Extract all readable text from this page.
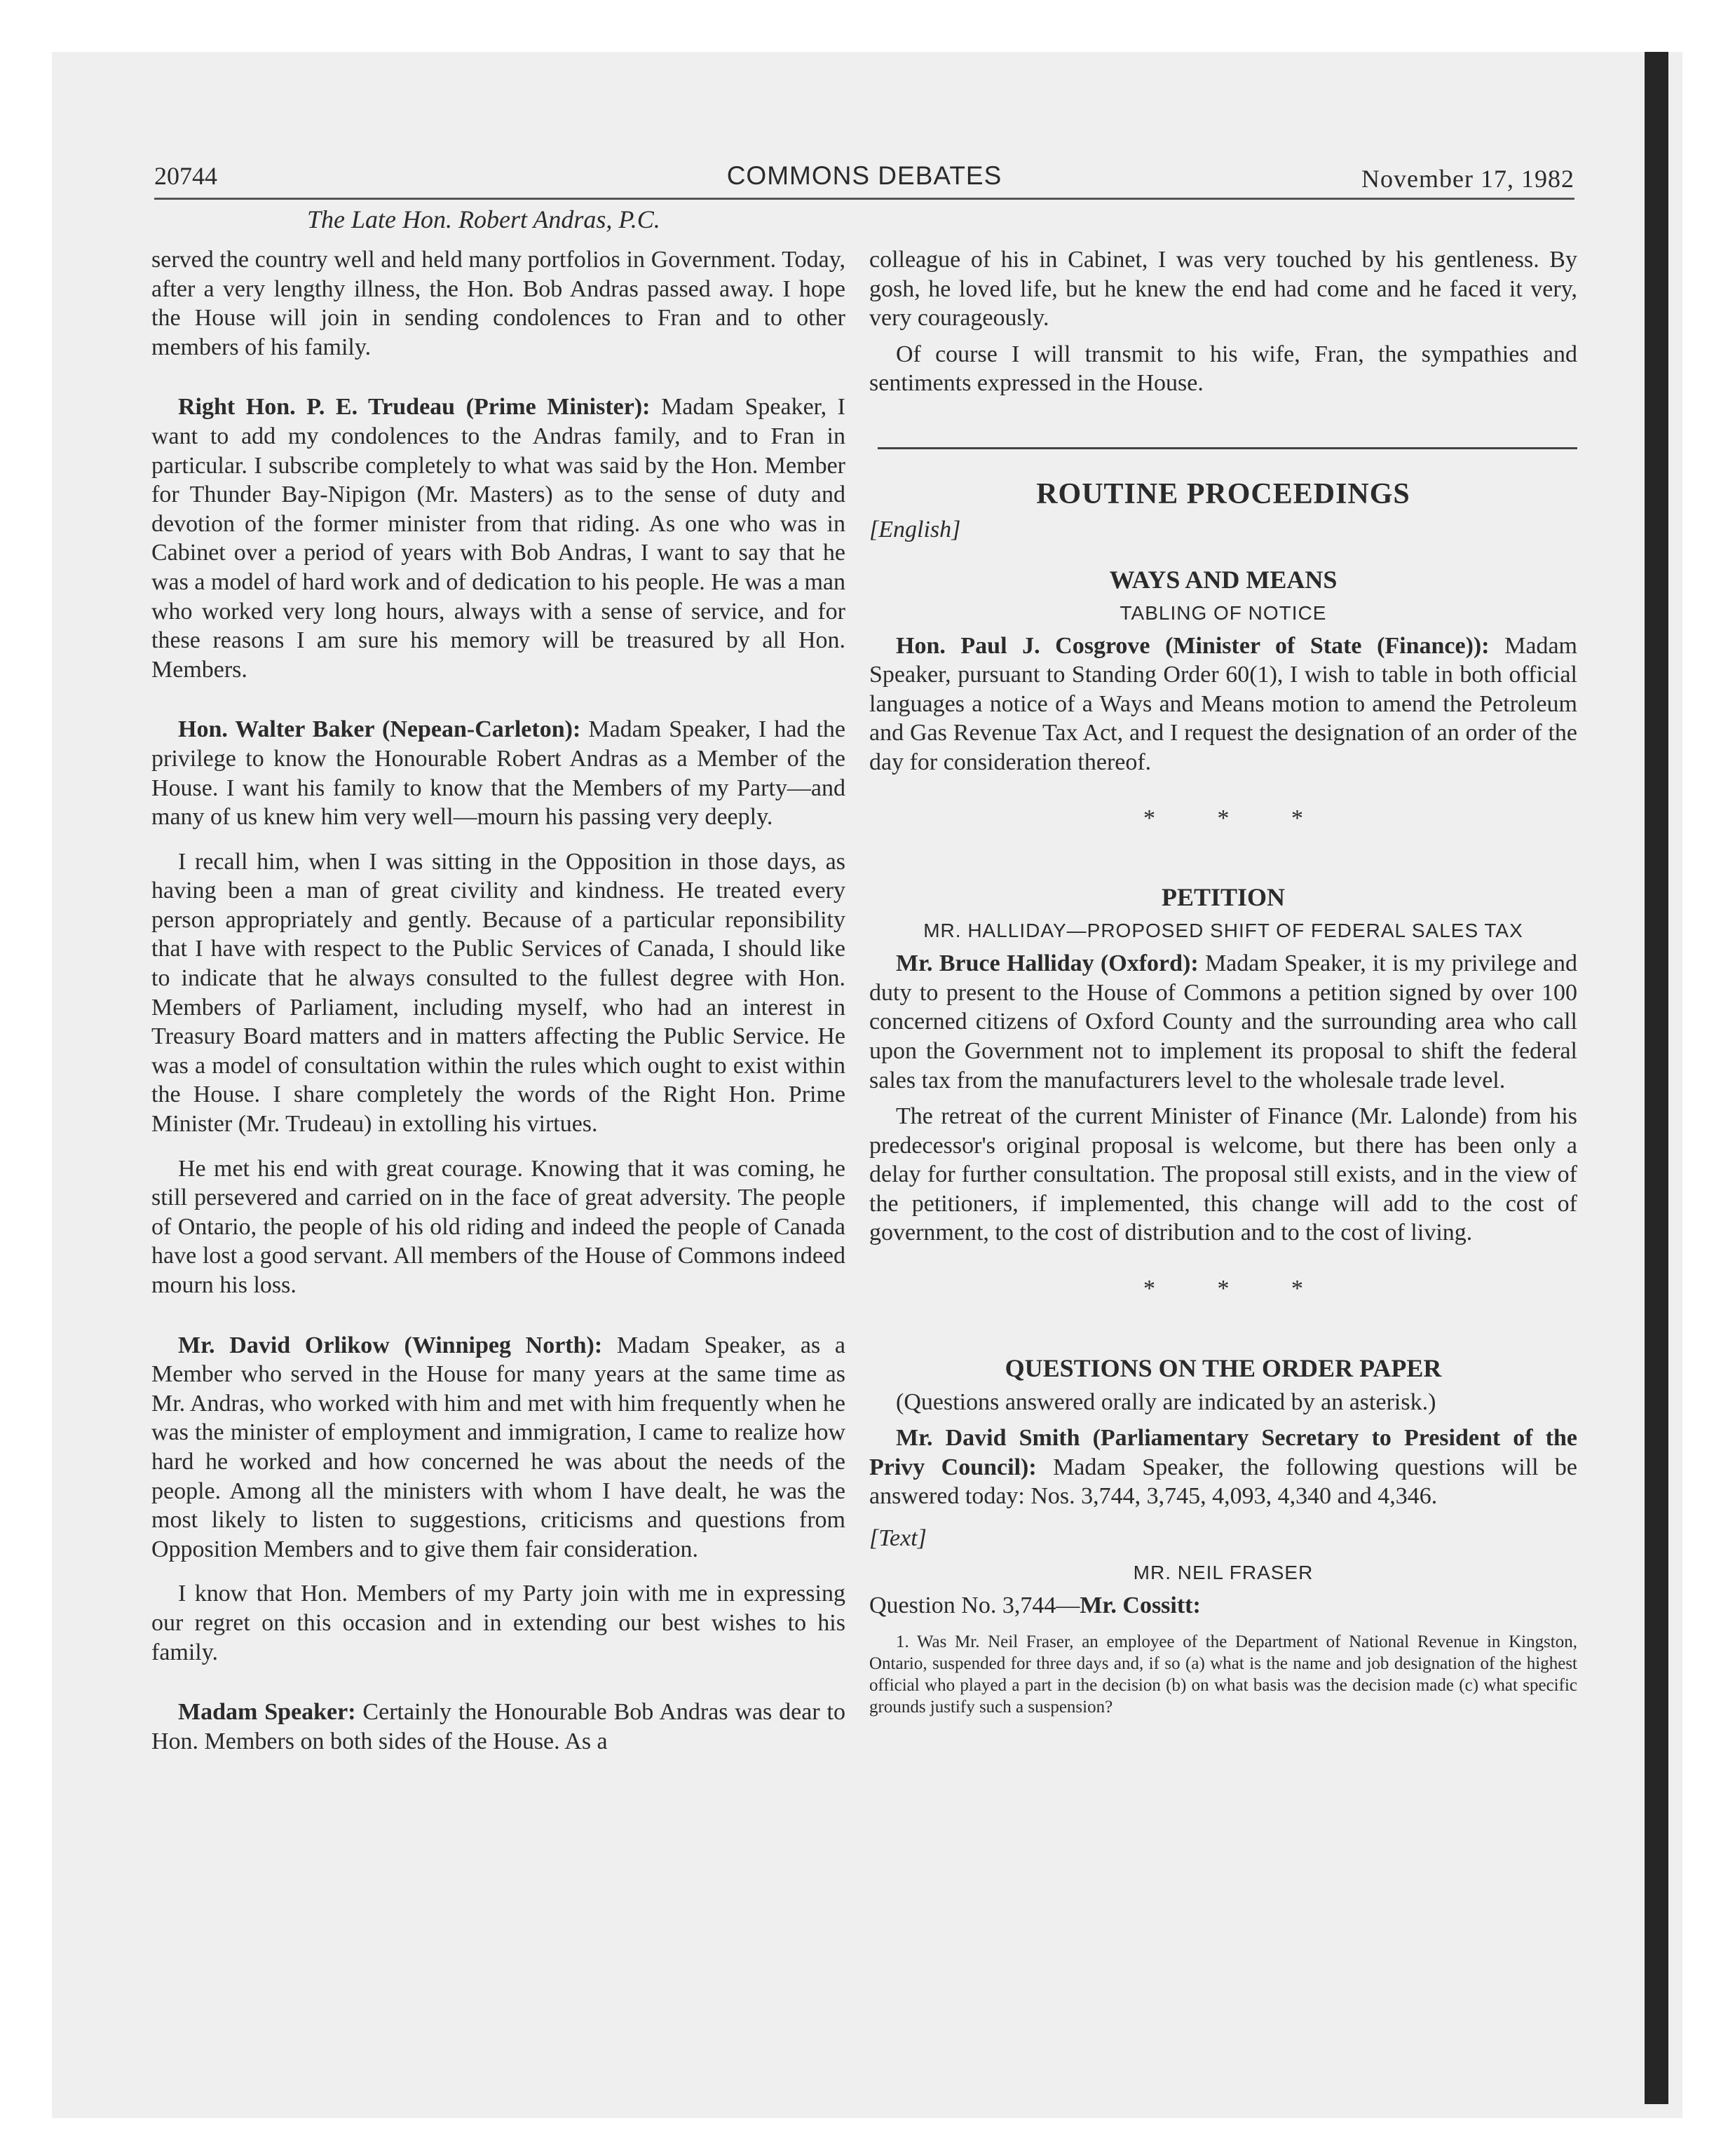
20744	COMMONS DEBATES	November 17, 1982
The Late Hon. Robert Andras, P.C.

served the country well and held many portfolios in Government. Today, after a very lengthy illness, the Hon. Bob Andras passed away. I hope the House will join in sending condolences to Fran and to other members of his family.

Right Hon. P. E. Trudeau (Prime Minister): Madam Speaker, I want to add my condolences to the Andras family, and to Fran in particular. I subscribe completely to what was said by the Hon. Member for Thunder Bay-Nipigon (Mr. Masters) as to the sense of duty and devotion of the former minister from that riding. As one who was in Cabinet over a period of years with Bob Andras, I want to say that he was a model of hard work and of dedication to his people. He was a man who worked very long hours, always with a sense of service, and for these reasons I am sure his memory will be treasured by all Hon. Members.

Hon. Walter Baker (Nepean-Carleton): Madam Speaker, I had the privilege to know the Honourable Robert Andras as a Member of the House. I want his family to know that the Members of my Party—and many of us knew him very well—mourn his passing very deeply.

I recall him, when I was sitting in the Opposition in those days, as having been a man of great civility and kindness. He treated every person appropriately and gently. Because of a particular reponsibility that I have with respect to the Public Services of Canada, I should like to indicate that he always consulted to the fullest degree with Hon. Members of Parliament, including myself, who had an interest in Treasury Board matters and in matters affecting the Public Service. He was a model of consultation within the rules which ought to exist within the House. I share completely the words of the Right Hon. Prime Minister (Mr. Trudeau) in extolling his virtues.

He met his end with great courage. Knowing that it was coming, he still persevered and carried on in the face of great adversity. The people of Ontario, the people of his old riding and indeed the people of Canada have lost a good servant. All members of the House of Commons indeed mourn his loss.

Mr. David Orlikow (Winnipeg North): Madam Speaker, as a Member who served in the House for many years at the same time as Mr. Andras, who worked with him and met with him frequently when he was the minister of employment and immigration, I came to realize how hard he worked and how concerned he was about the needs of the people. Among all the ministers with whom I have dealt, he was the most likely to listen to suggestions, criticisms and questions from Opposition Members and to give them fair consideration.

I know that Hon. Members of my Party join with me in expressing our regret on this occasion and in extending our best wishes to his family.

Madam Speaker: Certainly the Honourable Bob Andras was dear to Hon. Members on both sides of the House. As a

colleague of his in Cabinet, I was very touched by his gentleness. By gosh, he loved life, but he knew the end had come and he faced it very, very courageously.

Of course I will transmit to his wife, Fran, the sympathies and sentiments expressed in the House.

ROUTINE PROCEEDINGS
[English]
WAYS AND MEANS
TABLING OF NOTICE

Hon. Paul J. Cosgrove (Minister of State (Finance)): Madam Speaker, pursuant to Standing Order 60(1), I wish to table in both official languages a notice of a Ways and Means motion to amend the Petroleum and Gas Revenue Tax Act, and I request the designation of an order of the day for consideration thereof.

* * *
PETITION
MR. HALLIDAY—PROPOSED SHIFT OF FEDERAL SALES TAX

Mr. Bruce Halliday (Oxford): Madam Speaker, it is my privilege and duty to present to the House of Commons a petition signed by over 100 concerned citizens of Oxford County and the surrounding area who call upon the Government not to implement its proposal to shift the federal sales tax from the manufacturers level to the wholesale trade level.

The retreat of the current Minister of Finance (Mr. Lalonde) from his predecessor's original proposal is welcome, but there has been only a delay for further consultation. The proposal still exists, and in the view of the petitioners, if implemented, this change will add to the cost of government, to the cost of distribution and to the cost of living.

* * *
QUESTIONS ON THE ORDER PAPER

(Questions answered orally are indicated by an asterisk.)

Mr. David Smith (Parliamentary Secretary to President of the Privy Council): Madam Speaker, the following questions will be answered today: Nos. 3,744, 3,745, 4,093, 4,340 and 4,346.

[Text]
MR. NEIL FRASER

Question No. 3,744—Mr. Cossitt:

1. Was Mr. Neil Fraser, an employee of the Department of National Revenue in Kingston, Ontario, suspended for three days and, if so (a) what is the name and job designation of the highest official who played a part in the decision (b) on what basis was the decision made (c) what specific grounds justify such a suspension?
